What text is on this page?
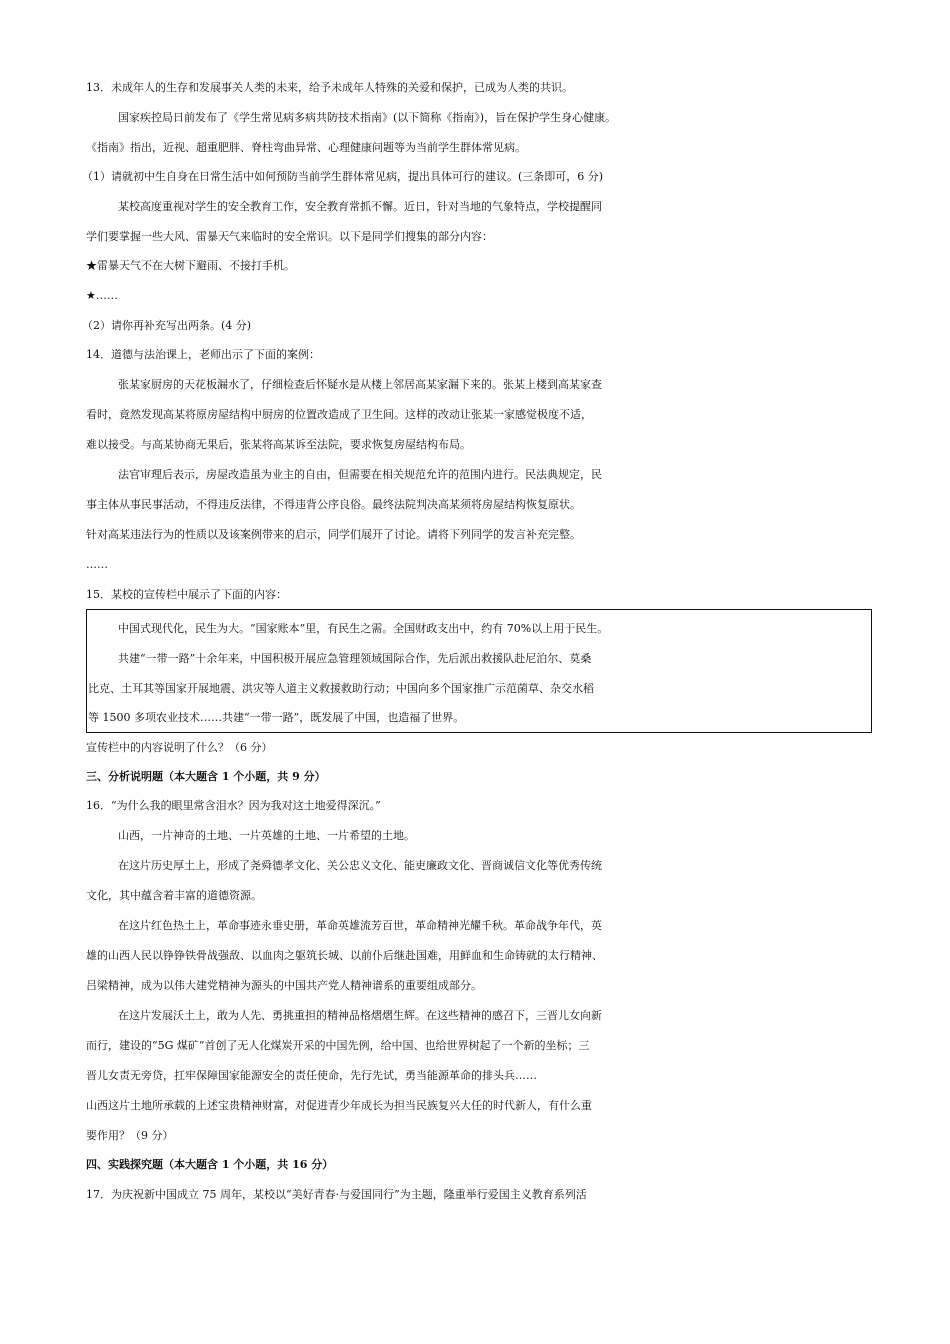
13．未成年人的生存和发展事关人类的未来，给予未成年人特殊的关爱和保护，已成为人类的共识。

国家疾控局日前发布了《学生常见病多病共防技术指南》(以下简称《指南》)，旨在保护学生身心健康。

《指南》指出，近视、超重肥胖、脊柱弯曲异常、心理健康问题等为当前学生群体常见病。

（1）请就初中生自身在日常生活中如何预防当前学生群体常见病，提出具体可行的建议。(三条即可，6 分)

某校高度重视对学生的安全教育工作，安全教育常抓不懈。近日，针对当地的气象特点，学校提醒同

学们要掌握一些大风、雷暴天气来临时的安全常识。以下是同学们搜集的部分内容：

★雷暴天气不在大树下避雨、不接打手机。

★……

（2）请你再补充写出两条。(4 分)

14．道德与法治课上，老师出示了下面的案例：

张某家厨房的天花板漏水了，仔细检查后怀疑水是从楼上邻居高某家漏下来的。张某上楼到高某家查

看时，竟然发现高某将原房屋结构中厨房的位置改造成了卫生间。这样的改动让张某一家感觉极度不适，

难以接受。与高某协商无果后，张某将高某诉至法院，要求恢复房屋结构布局。

法官审理后表示，房屋改造虽为业主的自由，但需要在相关规范允许的范围内进行。民法典规定，民

事主体从事民事活动，不得违反法律，不得违背公序良俗。最终法院判决高某须将房屋结构恢复原状。

针对高某违法行为的性质以及该案例带来的启示，同学们展开了讨论。请将下列同学的发言补充完整。

……

15．某校的宣传栏中展示了下面的内容：

中国式现代化，民生为大。“国家账本”里，有民生之需。全国财政支出中，约有 70%以上用于民生。

共建“一带一路”十余年来，中国积极开展应急管理领域国际合作，先后派出救援队赴尼泊尔、莫桑

比克、土耳其等国家开展地震、洪灾等人道主义救援救助行动；中国向多个国家推广示范菌草、杂交水稻

等 1500 多项农业技术……共建“一带一路”，既发展了中国，也造福了世界。

宣传栏中的内容说明了什么？（6 分）

三、分析说明题（本大题含 1 个小题，共 9 分）

16．“为什么我的眼里常含泪水？因为我对这土地爱得深沉。”

山西，一片神奇的土地、一片英雄的土地、一片希望的土地。

在这片历史厚土上，形成了尧舜德孝文化、关公忠义文化、能吏廉政文化、晋商诚信文化等优秀传统

文化，其中蕴含着丰富的道德资源。

在这片红色热土上，革命事迹永垂史册，革命英雄流芳百世，革命精神光耀千秋。革命战争年代，英

雄的山西人民以铮铮铁骨战强敌、以血肉之躯筑长城、以前仆后继赴国难，用鲜血和生命铸就的太行精神、

吕梁精神，成为以伟大建党精神为源头的中国共产党人精神谱系的重要组成部分。

在这片发展沃土上，敢为人先、勇挑重担的精神品格熠熠生辉。在这些精神的感召下，三晋儿女向新

而行，建设的“5G 煤矿”首创了无人化煤炭开采的中国先例，给中国、也给世界树起了一个新的坐标；三

晋儿女责无旁贷，扛牢保障国家能源安全的责任使命，先行先试，勇当能源革命的排头兵……

山西这片土地所承载的上述宝贵精神财富，对促进青少年成长为担当民族复兴大任的时代新人，有什么重

要作用？（9 分）

四、实践探究题（本大题含 1 个小题，共 16 分）

17．为庆祝新中国成立 75 周年，某校以“美好青春·与爱国同行”为主题，隆重举行爱国主义教育系列活
